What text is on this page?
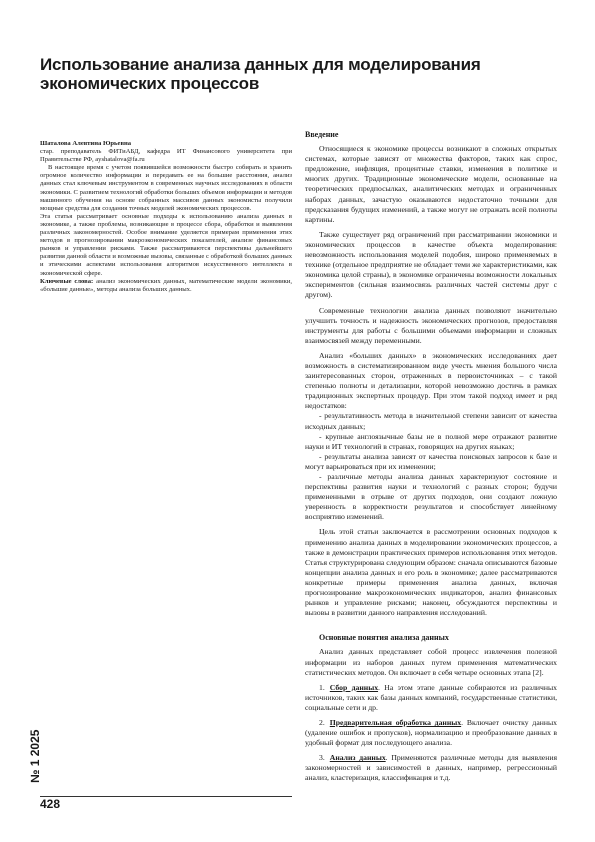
Использование анализа данных для моделирования экономических процессов

Шаталова Алевтина Юрьевна

стар. преподаватель ФИТиАБД, кафедра ИТ Финансового университета при Правительстве РФ, ayshatalova@fa.ru

В настоящее время с учетом появившейся возможности быстро собирать и хранить огромное количество информации и передавать ее на большие расстояния, анализ данных стал ключевым инструментом в современных научных исследованиях в области экономики. С развитием технологий обработки больших объемов информации и методов машинного обучения на основе собранных массивов данных экономисты получили мощные средства для создания точных моделей экономических процессов.

Эта статья рассматривает основные подходы к использованию анализа данных в экономике, а также проблемы, возникающие в процессе сбора, обработки и выявления различных закономерностей. Особое внимание уделяется примерам применения этих методов в прогнозировании макроэкономических показателей, анализе финансовых рынков и управлении рисками. Также рассматриваются перспективы дальнейшего развития данной области и возможные вызовы, связанные с обработкой больших данных и этическими аспектами использования алгоритмов искусственного интеллекта в экономической сфере.

Ключевые слова: анализ экономических данных, математические модели экономики, «большие данные», методы анализа больших данных.

Введение

Относящиеся к экономике процессы возникают в сложных открытых системах, которые зависят от множества факторов, таких как спрос, предложение, инфляция, процентные ставки, изменения в политике и многих других. Традиционные экономические модели, основанные на теоретических предпосылках, аналитических методах и ограниченных наборах данных, зачастую оказываются недостаточно точными для предсказания будущих изменений, а также могут не отражать всей полноты картины.

Также существует ряд ограничений при рассматривании экономики и экономических процессов в качестве объекта моделирования: невозможность использования моделей подобия, широко применяемых в технике (отдельное предприятие не обладает теми же характеристиками, как экономика целой страны), в экономике ограничены возможности локальных экспериментов (сильная взаимосвязь различных частей системы друг с другом).

Современные технологии анализа данных позволяют значительно улучшить точность и надежность экономических прогнозов, предоставляя инструменты для работы с большими объемами информации и сложных взаимосвязей между переменными.

Анализ «больших данных» в экономических исследованиях дает возможность в систематизированном виде учесть мнения большого числа заинтересованных сторон, отраженных в первоисточниках – с такой степенью полноты и детализации, которой невозможно достичь в рамках традиционных экспертных процедур. При этом такой подход имеет и ряд недостатков:

- результативность метода в значительной степени зависит от качества исходных данных;

- крупные англоязычные базы не в полной мере отражают развитие науки и ИТ технологий в странах, говорящих на других языках;

- результаты анализа зависят от качества поисковых запросов к базе и могут варьироваться при их изменении;

- различные методы анализа данных характеризуют состояние и перспективы развития науки и технологий с разных сторон; будучи примененными в отрыве от других подходов, они создают ложную уверенность в корректности результатов и способствует линейному восприятию изменений.

Цель этой статьи заключается в рассмотрении основных подходов к применению анализа данных в моделировании экономических процессов, а также в демонстрации практических примеров использования этих методов. Статья структурирована следующим образом: сначала описываются базовые концепции анализа данных и его роль в экономике; далее рассматриваются конкретные примеры применения анализа данных, включая прогнозирование макроэкономических индикаторов, анализ финансовых рынков и управление рисками; наконец, обсуждаются перспективы и вызовы в развитии данного направления исследований.

Основные понятия анализа данных

Анализ данных представляет собой процесс извлечения полезной информации из наборов данных путем применения математических статистических методов. Он включает в себя четыре основных этапа [2].

1. Сбор данных. На этом этапе данные собираются из различных источников, таких как базы данных компаний, государственные статистики, социальные сети и др.

2. Предварительная обработка данных. Включает очистку данных (удаление ошибок и пропусков), нормализацию и преобразование данных в удобный формат для последующего анализа.

3. Анализ данных. Применяются различные методы для выявления закономерностей и зависимостей в данных, например, регрессионный анализ, кластеризация, классификация и т.д.

№ 1 2025
428
